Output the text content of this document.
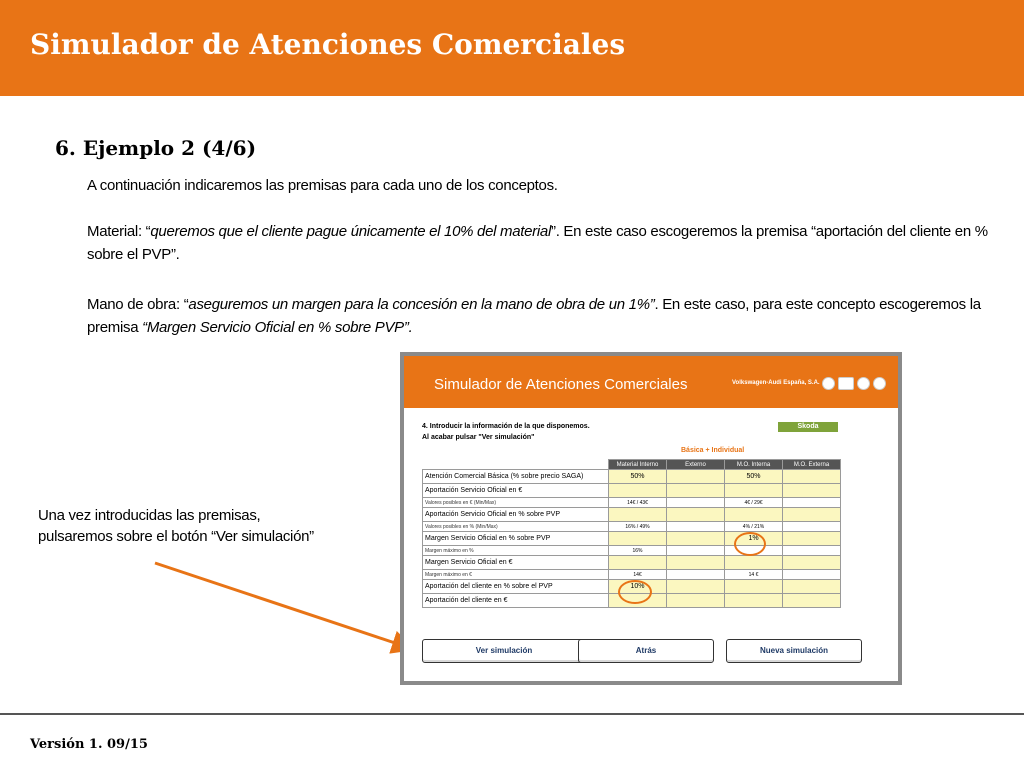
Simulador de Atenciones Comerciales
6. Ejemplo 2 (4/6)
A continuación indicaremos las premisas para cada uno de los conceptos.
Material: “queremos que el cliente pague únicamente el 10% del material”. En este caso escogeremos la premisa “aportación del cliente en % sobre el PVP”.
Mano de obra: “aseguremos un margen para la concesión en la mano de obra de un 1%”. En este caso, para este concepto escogeremos la premisa “Margen Servicio Oficial en % sobre PVP”.
Una vez introducidas las premisas, pulsaremos sobre el botón “Ver simulación”
Simulador de Atenciones Comerciales	Volkswagen-Audi España, S.A.
4. Introducir la información de la que disponemos.
Al acabar pulsar "Ver simulación"
Skoda
Básica + Individual
	Material Interno	Externo	M.O. Interna	M.O. Externa
Atención Comercial Básica (% sobre precio SAGA)	50%		50%	
Aportación Servicio Oficial en €				
Valores posibles en € (Min/Max)	14€ / 43€		4€ / 29€	
Aportación Servicio Oficial en % sobre PVP				
Valores posibles en % (Min/Max)	16% / 49%		4% / 21%	
Margen Servicio Oficial en % sobre PVP			1%	
Margen máximo en %	16%			
Margen Servicio Oficial en €				
Margen máximo en €	14€		14 €	
Aportación del cliente en % sobre el PVP	10%			
Aportación del cliente en €				
Ver simulación	Atrás	Nueva simulación
Versión 1. 09/15
